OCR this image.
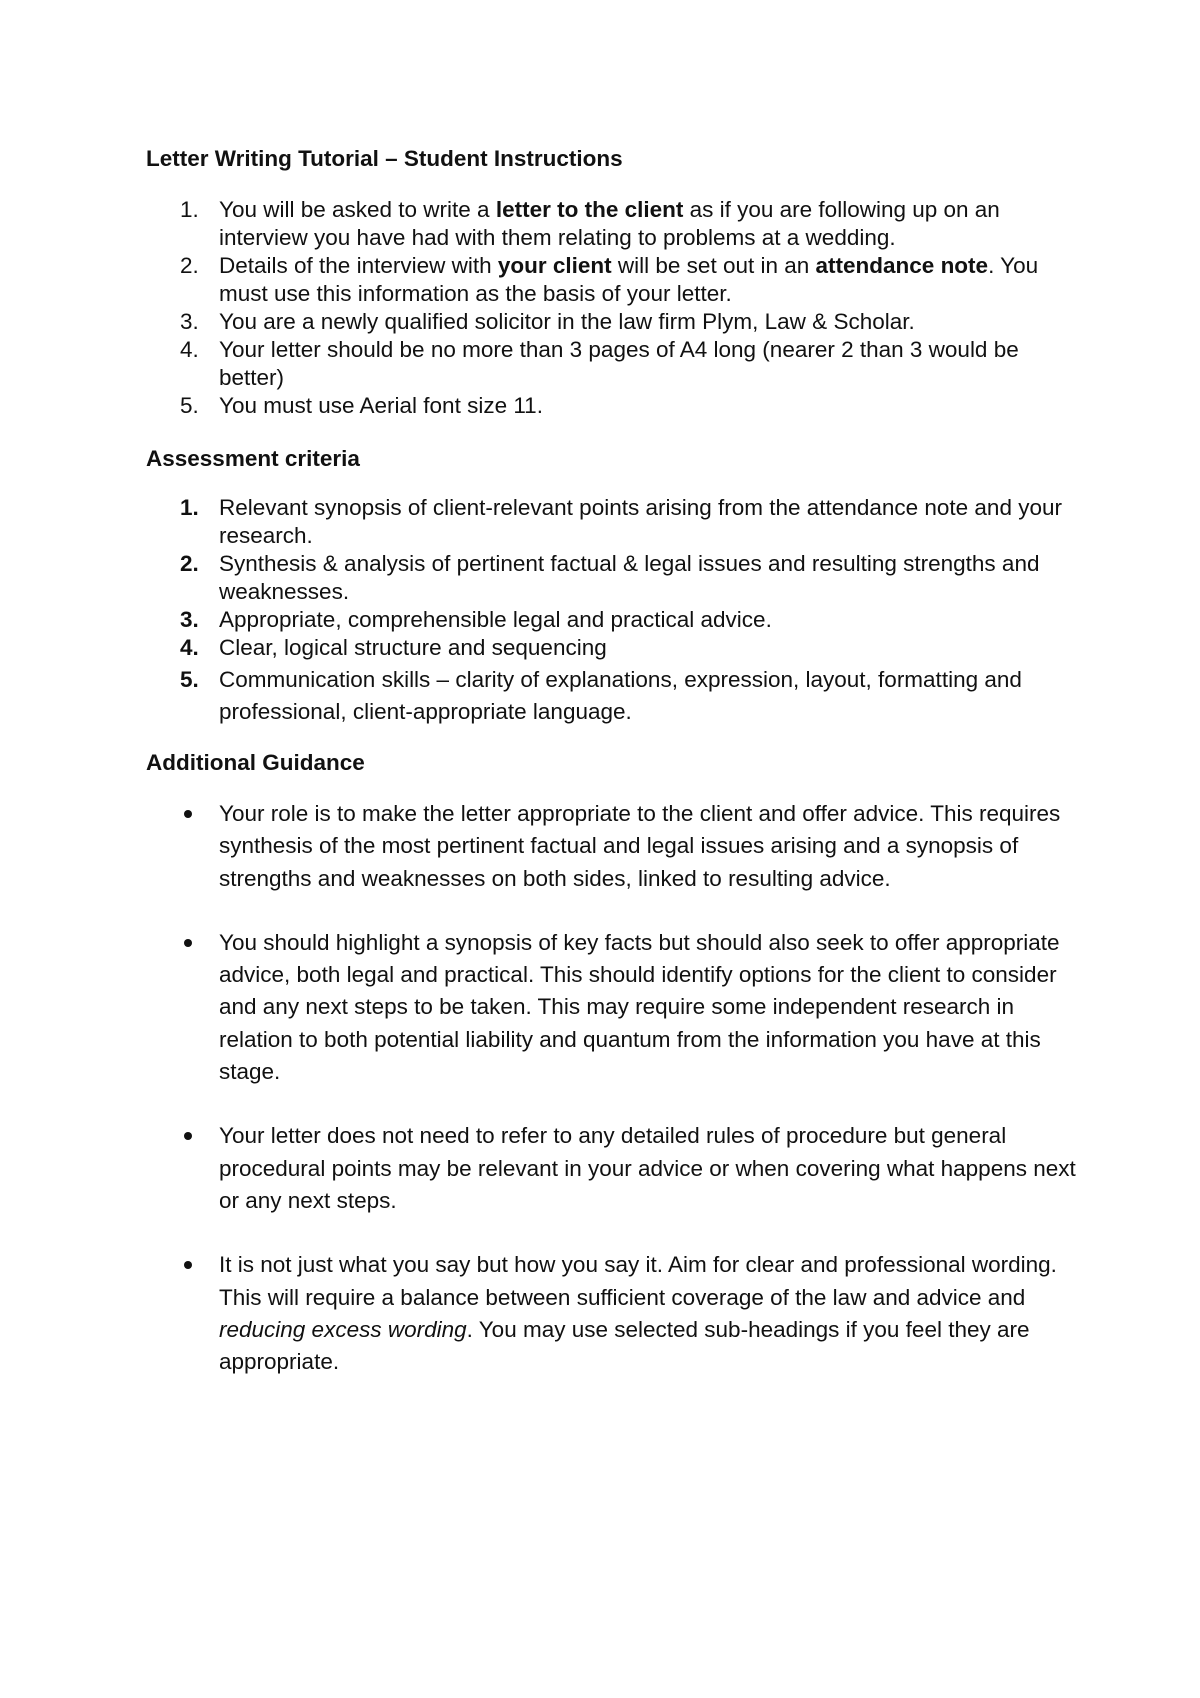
Letter Writing Tutorial – Student Instructions
1. You will be asked to write a letter to the client as if you are following up on an interview you have had with them relating to problems at a wedding.
2. Details of the interview with your client will be set out in an attendance note. You must use this information as the basis of your letter.
3. You are a newly qualified solicitor in the law firm Plym, Law & Scholar.
4. Your letter should be no more than 3 pages of A4 long (nearer 2 than 3 would be better)
5. You must use Aerial font size 11.
Assessment criteria
1. Relevant synopsis of client-relevant points arising from the attendance note and your research.
2. Synthesis & analysis of pertinent factual & legal issues and resulting strengths and weaknesses.
3. Appropriate, comprehensible legal and practical advice.
4. Clear, logical structure and sequencing
5. Communication skills – clarity of explanations, expression, layout, formatting and professional, client-appropriate language.
Additional Guidance
Your role is to make the letter appropriate to the client and offer advice. This requires synthesis of the most pertinent factual and legal issues arising and a synopsis of strengths and weaknesses on both sides, linked to resulting advice.
You should highlight a synopsis of key facts but should also seek to offer appropriate advice, both legal and practical. This should identify options for the client to consider and any next steps to be taken. This may require some independent research in relation to both potential liability and quantum from the information you have at this stage.
Your letter does not need to refer to any detailed rules of procedure but general procedural points may be relevant in your advice or when covering what happens next or any next steps.
It is not just what you say but how you say it. Aim for clear and professional wording. This will require a balance between sufficient coverage of the law and advice and reducing excess wording. You may use selected sub-headings if you feel they are appropriate.
